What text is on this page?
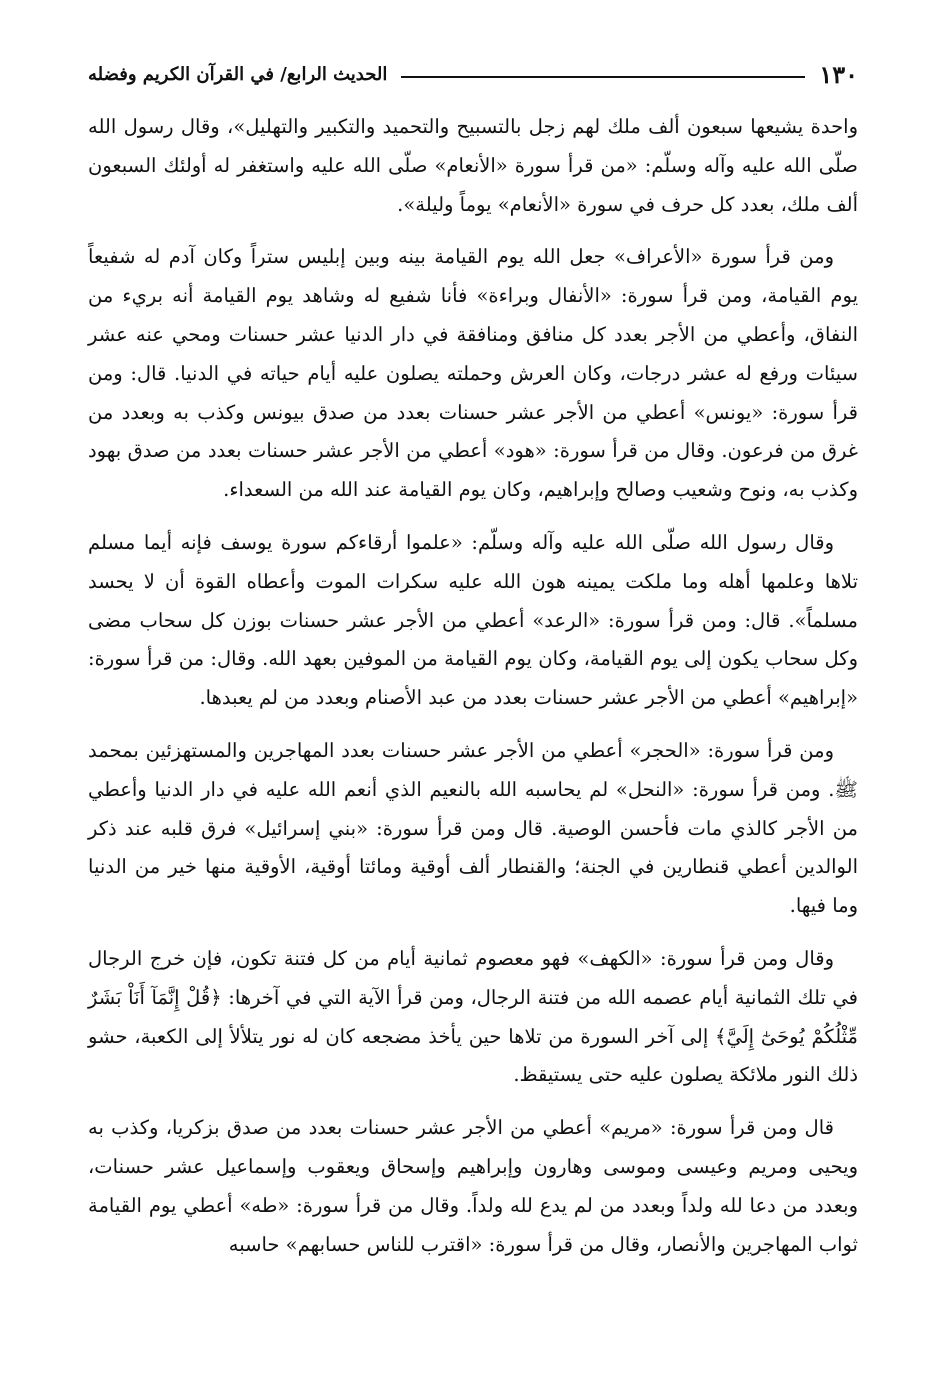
١٣٠
الحديث الرابع/ في القرآن الكريم وفضله

واحدة يشيعها سبعون ألف ملك لهم زجل بالتسبيح والتحميد والتكبير والتهليل»، وقال رسول الله صلّى الله عليه وآله وسلّم: «من قرأ سورة «الأنعام» صلّى الله عليه واستغفر له أولئك السبعون ألف ملك، بعدد كل حرف في سورة «الأنعام» يوماً وليلة».

ومن قرأ سورة «الأعراف» جعل الله يوم القيامة بينه وبين إبليس ستراً وكان آدم له شفيعاً يوم القيامة، ومن قرأ سورة: «الأنفال وبراءة» فأنا شفيع له وشاهد يوم القيامة أنه بريء من النفاق، وأعطي من الأجر بعدد كل منافق ومنافقة في دار الدنيا عشر حسنات ومحي عنه عشر سيئات ورفع له عشر درجات، وكان العرش وحملته يصلون عليه أيام حياته في الدنيا. قال: ومن قرأ سورة: «يونس» أعطي من الأجر عشر حسنات بعدد من صدق بيونس وكذب به وبعدد من غرق من فرعون. وقال من قرأ سورة: «هود» أعطي من الأجر عشر حسنات بعدد من صدق بهود وكذب به، ونوح وشعيب وصالح وإبراهيم، وكان يوم القيامة عند الله من السعداء.

وقال رسول الله صلّى الله عليه وآله وسلّم: «علموا أرقاءكم سورة يوسف فإنه أيما مسلم تلاها وعلمها أهله وما ملكت يمينه هون الله عليه سكرات الموت وأعطاه القوة أن لا يحسد مسلماً». قال: ومن قرأ سورة: «الرعد» أعطي من الأجر عشر حسنات بوزن كل سحاب مضى وكل سحاب يكون إلى يوم القيامة، وكان يوم القيامة من الموفين بعهد الله. وقال: من قرأ سورة: «إبراهيم» أعطي من الأجر عشر حسنات بعدد من عبد الأصنام وبعدد من لم يعبدها.

ومن قرأ سورة: «الحجر» أعطي من الأجر عشر حسنات بعدد المهاجرين والمستهزئين بمحمد ﷺ. ومن قرأ سورة: «النحل» لم يحاسبه الله بالنعيم الذي أنعم الله عليه في دار الدنيا وأعطي من الأجر كالذي مات فأحسن الوصية. قال ومن قرأ سورة: «بني إسرائيل» فرق قلبه عند ذكر الوالدين أعطي قنطارين في الجنة؛ والقنطار ألف أوقية ومائتا أوقية، الأوقية منها خير من الدنيا وما فيها.

وقال ومن قرأ سورة: «الكهف» فهو معصوم ثمانية أيام من كل فتنة تكون، فإن خرج الرجال في تلك الثمانية أيام عصمه الله من فتنة الرجال، ومن قرأ الآية التي في آخرها: ﴿قُلْ إِنَّمَآ أَنَاْ بَشَرٌ مِّثْلُكُمْ يُوحَىٰٓ إِلَيَّ﴾ إلى آخر السورة من تلاها حين يأخذ مضجعه كان له نور يتلألأ إلى الكعبة، حشو ذلك النور ملائكة يصلون عليه حتى يستيقظ.

قال ومن قرأ سورة: «مريم» أعطي من الأجر عشر حسنات بعدد من صدق بزكريا، وكذب به ويحيى ومريم وعيسى وموسى وهارون وإبراهيم وإسحاق ويعقوب وإسماعيل عشر حسنات، وبعدد من دعا لله ولداً وبعدد من لم يدع لله ولداً. وقال من قرأ سورة: «طه» أعطي يوم القيامة ثواب المهاجرين والأنصار، وقال من قرأ سورة: «اقترب للناس حسابهم» حاسبه
